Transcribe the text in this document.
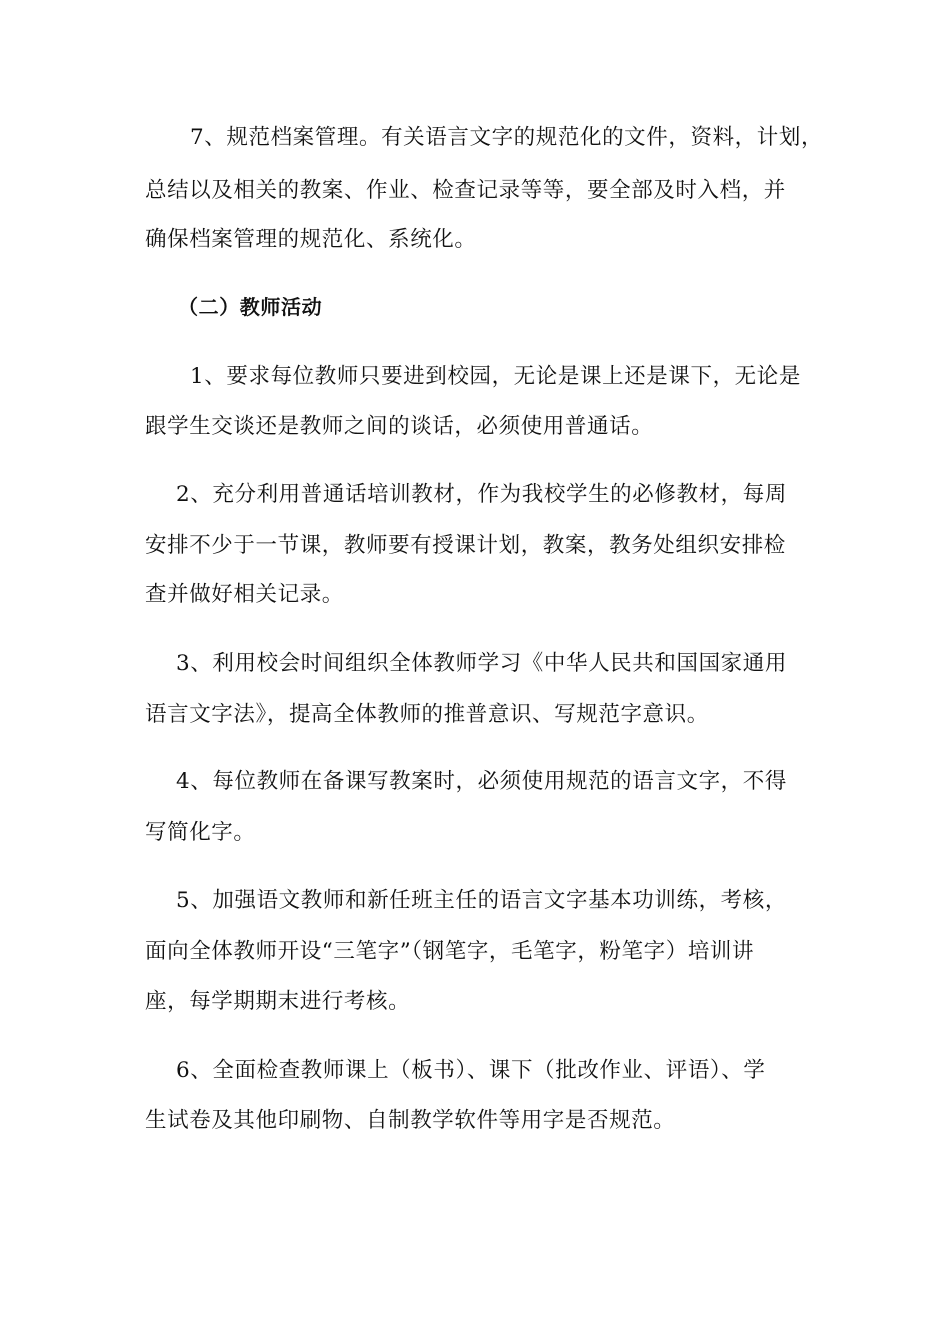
7、规范档案管理。有关语言文字的规范化的文件，资料，计划，

总结以及相关的教案、作业、检查记录等等，要全部及时入档，并

确保档案管理的规范化、系统化。

（二）教师活动

1、要求每位教师只要进到校园，无论是课上还是课下，无论是

跟学生交谈还是教师之间的谈话，必须使用普通话。

2、充分利用普通话培训教材，作为我校学生的必修教材，每周

安排不少于一节课，教师要有授课计划，教案，教务处组织安排检

查并做好相关记录。

3、利用校会时间组织全体教师学习《中华人民共和国国家通用

语言文字法》，提高全体教师的推普意识、写规范字意识。

4、每位教师在备课写教案时，必须使用规范的语言文字，不得

写简化字。

5、加强语文教师和新任班主任的语言文字基本功训练，考核，

面向全体教师开设“三笔字”（钢笔字，毛笔字，粉笔字）培训讲

座，每学期期末进行考核。

6、全面检查教师课上（板书）、课下（批改作业、评语）、学

生试卷及其他印刷物、自制教学软件等用字是否规范。
